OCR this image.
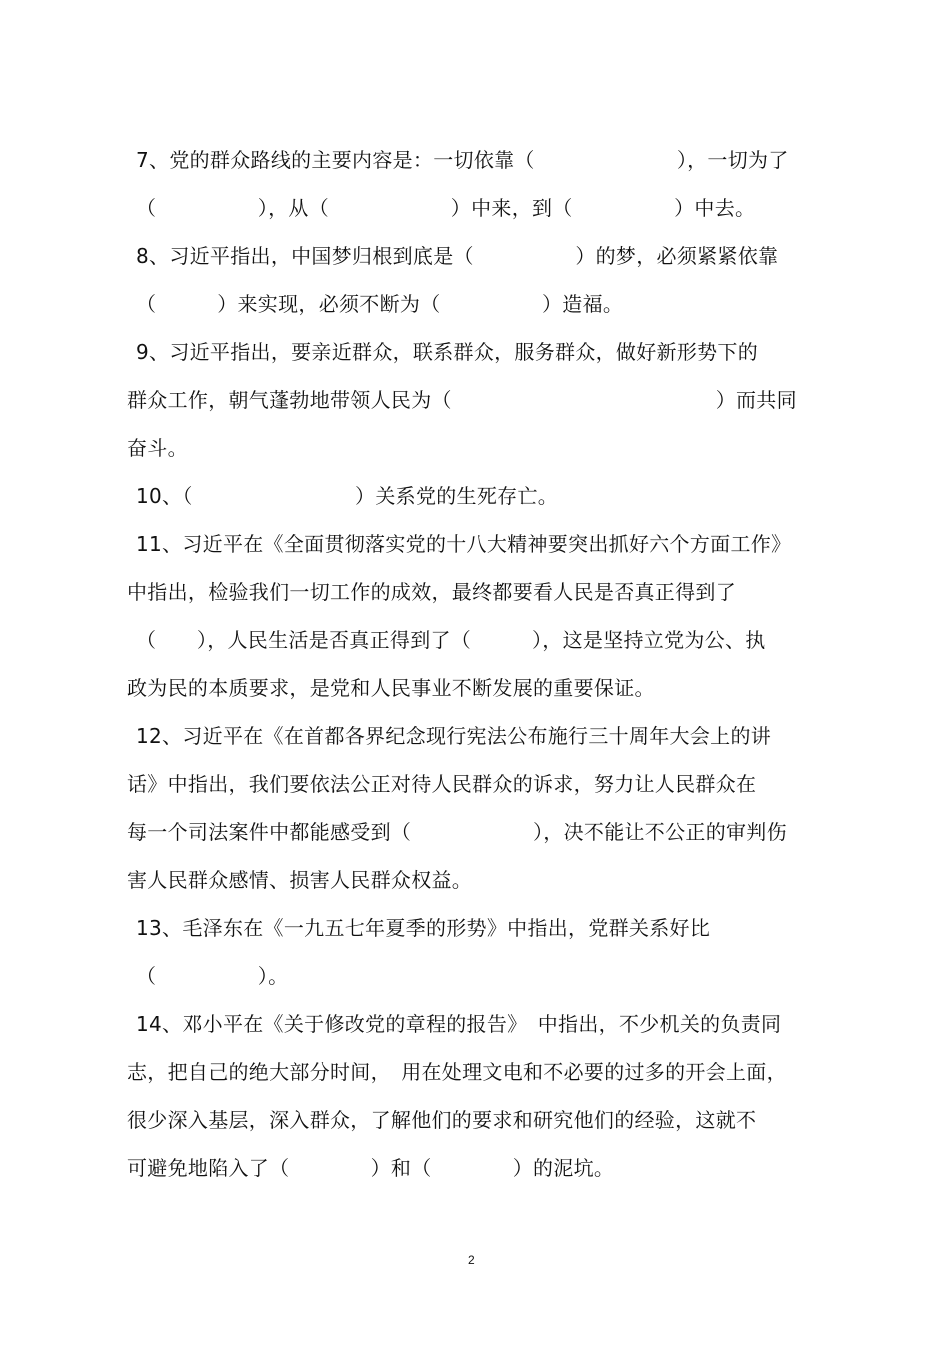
7、党的群众路线的主要内容是：一切依靠（　　　　　　　），一切为了
（　　　　　），从（　　　　　　）中来，到（　　　　　）中去。
8、习近平指出，中国梦归根到底是（　　　　　）的梦，必须紧紧依靠
（　　　）来实现，必须不断为（　　　　　）造福。
9、习近平指出，要亲近群众，联系群众，服务群众，做好新形势下的
群众工作，朝气蓬勃地带领人民为（　　　　　　　　　　　　　）而共同
奋斗。
10、（　　　　　　　　）关系党的生死存亡。
11、习近平在《全面贯彻落实党的十八大精神要突出抓好六个方面工作》
中指出，检验我们一切工作的成效，最终都要看人民是否真正得到了
（　　），人民生活是否真正得到了（　　　），这是坚持立党为公、执
政为民的本质要求，是党和人民事业不断发展的重要保证。
12、习近平在《在首都各界纪念现行宪法公布施行三十周年大会上的讲
话》中指出，我们要依法公正对待人民群众的诉求，努力让人民群众在
每一个司法案件中都能感受到（　　　　　　），决不能让不公正的审判伤
害人民群众感情、损害人民群众权益。
13、毛泽东在《一九五七年夏季的形势》中指出，党群关系好比
（　　　　　）。
14、邓小平在《关于修改党的章程的报告》　中指出，不少机关的负责同
志，把自己的绝大部分时间，　用在处理文电和不必要的过多的开会上面，
很少深入基层，深入群众，了解他们的要求和研究他们的经验，这就不
可避免地陷入了（　　　　）和（　　　　）的泥坑。
2
